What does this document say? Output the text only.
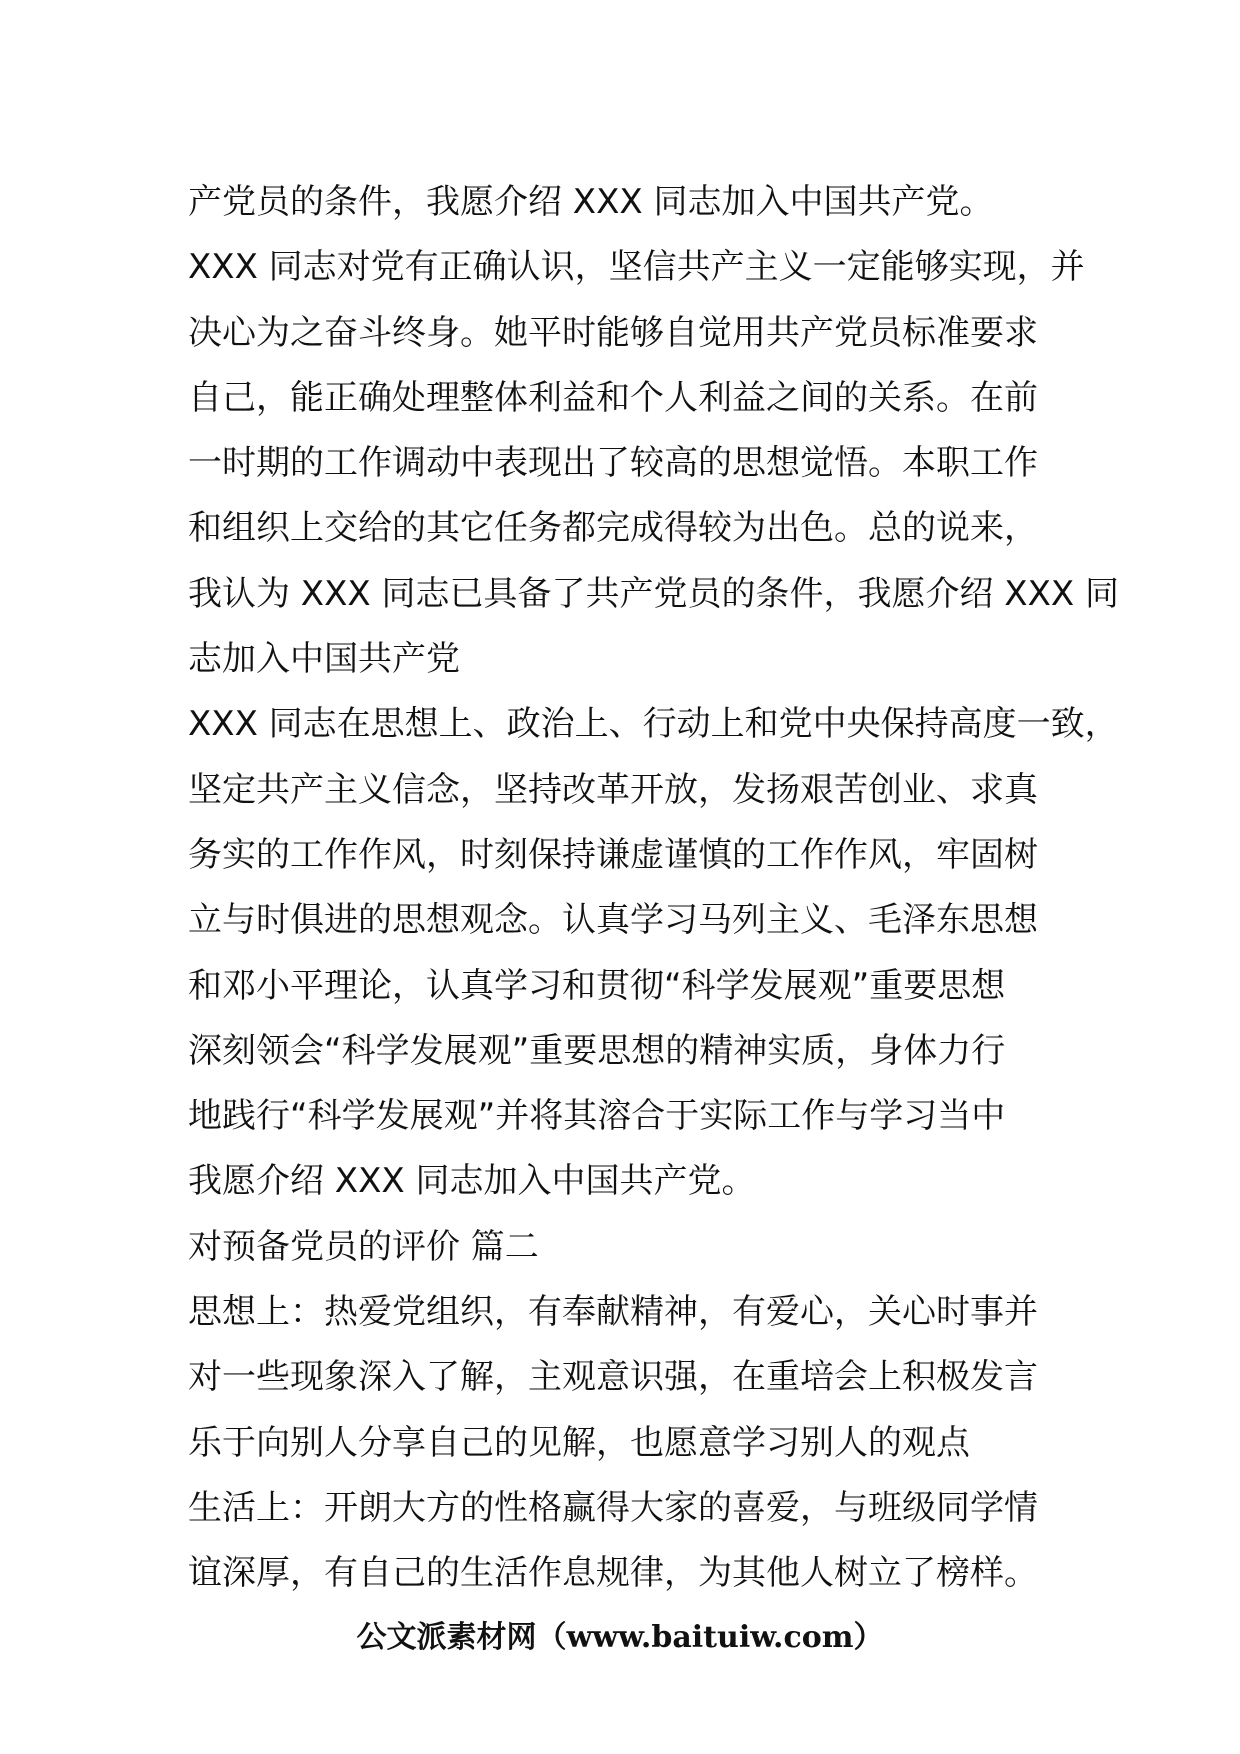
产党员的条件，我愿介绍 XXX 同志加入中国共产党。
XXX 同志对党有正确认识，坚信共产主义一定能够实现，并
决心为之奋斗终身。她平时能够自觉用共产党员标准要求
自己，能正确处理整体利益和个人利益之间的关系。在前
一时期的工作调动中表现出了较高的思想觉悟。本职工作
和组织上交给的其它任务都完成得较为出色。总的说来，
我认为 XXX 同志已具备了共产党员的条件，我愿介绍 XXX 同
志加入中国共产党
XXX 同志在思想上、政治上、行动上和党中央保持高度一致，
坚定共产主义信念，坚持改革开放，发扬艰苦创业、求真
务实的工作作风，时刻保持谦虚谨慎的工作作风，牢固树
立与时俱进的思想观念。认真学习马列主义、毛泽东思想
和邓小平理论，认真学习和贯彻“科学发展观”重要思想
深刻领会“科学发展观”重要思想的精神实质，身体力行
地践行“科学发展观”并将其溶合于实际工作与学习当中
我愿介绍 XXX 同志加入中国共产党。
对预备党员的评价 篇二
思想上：热爱党组织，有奉献精神，有爱心，关心时事并
对一些现象深入了解，主观意识强，在重培会上积极发言
乐于向别人分享自己的见解，也愿意学习别人的观点
生活上：开朗大方的性格赢得大家的喜爱，与班级同学情
谊深厚，有自己的生活作息规律，为其他人树立了榜样。
公文派素材网（www.baituiw.com）
